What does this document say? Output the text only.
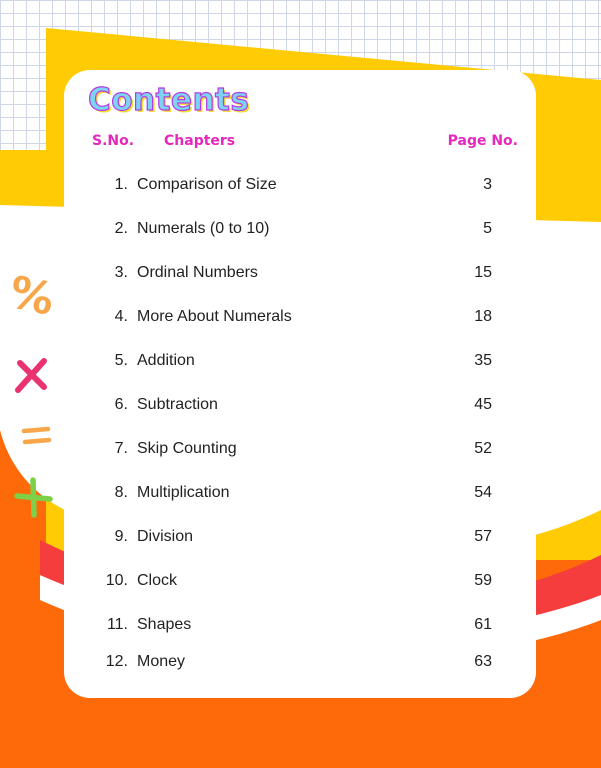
%
Contents
S.No. Chapters	Page No.
1. Comparison of Size	3
2. Numerals (0 to 10)	5
3. Ordinal Numbers	15
4. More About Numerals	18
5. Addition	35
6. Subtraction	45
7. Skip Counting	52
8. Multiplication	54
9. Division	57
10. Clock	59
11. Shapes	61
12. Money	63
